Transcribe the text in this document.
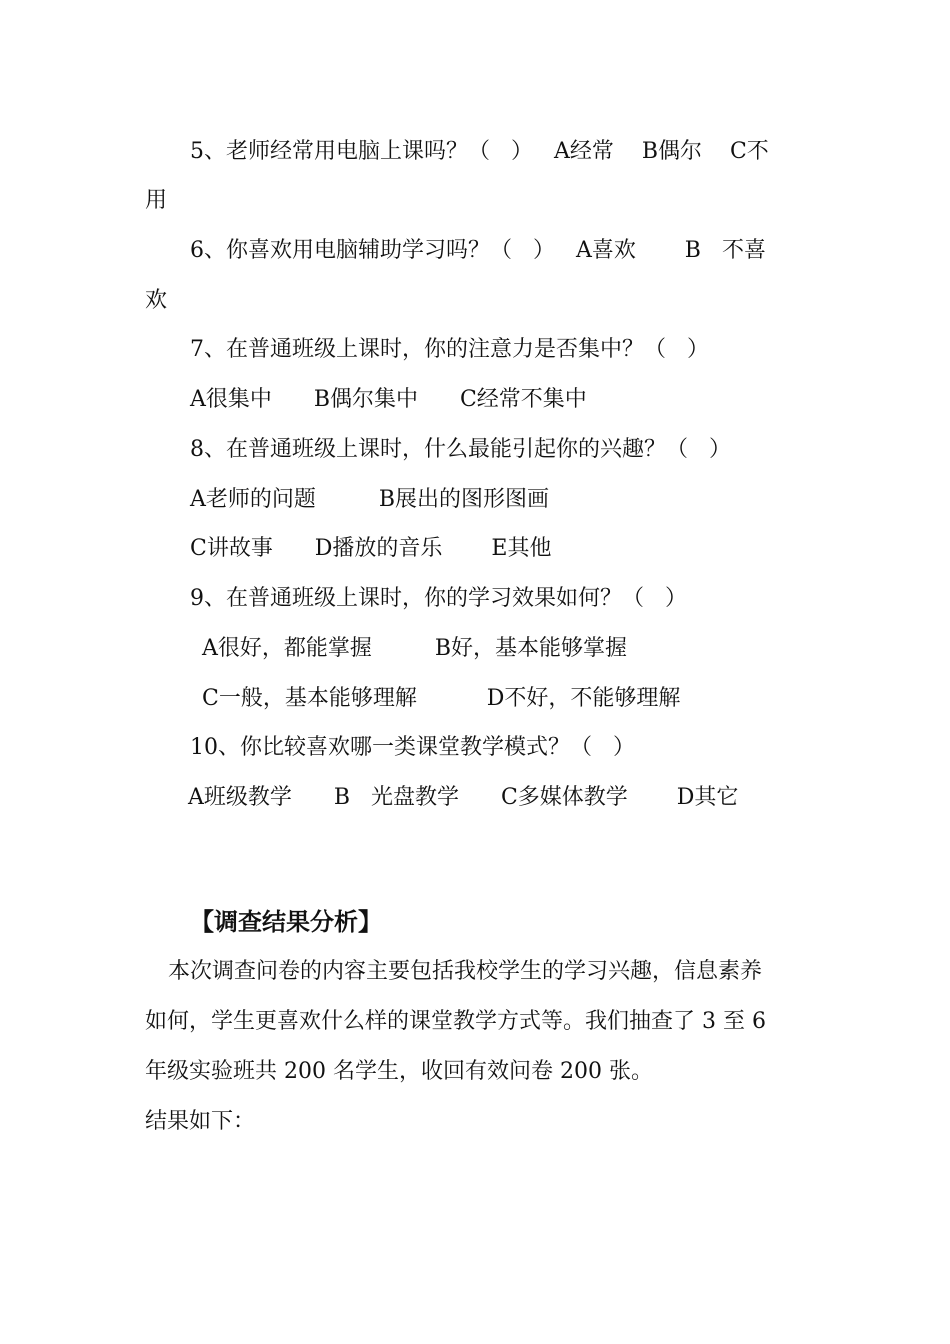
5、老师经常用电脑上课吗？（   ）   A经常    B偶尔    C不
用
6、你喜欢用电脑辅助学习吗？（   ）   A喜欢       B   不喜
欢
7、在普通班级上课时，你的注意力是否集中？（   ）
A很集中      B偶尔集中      C经常不集中
8、在普通班级上课时，什么最能引起你的兴趣？（   ）
A老师的问题         B展出的图形图画
C讲故事      D播放的音乐       E其他
9、在普通班级上课时，你的学习效果如何？（   ）
A很好，都能掌握         B好，基本能够掌握
C一般，基本能够理解          D不好，不能够理解
10、你比较喜欢哪一类课堂教学模式？（   ）
A班级教学      B   光盘教学      C多媒体教学       D其它
【调查结果分析】
本次调查问卷的内容主要包括我校学生的学习兴趣，信息素养
如何，学生更喜欢什么样的课堂教学方式等。我们抽查了 3 至 6
年级实验班共 200 名学生，收回有效问卷 200 张。
结果如下：
